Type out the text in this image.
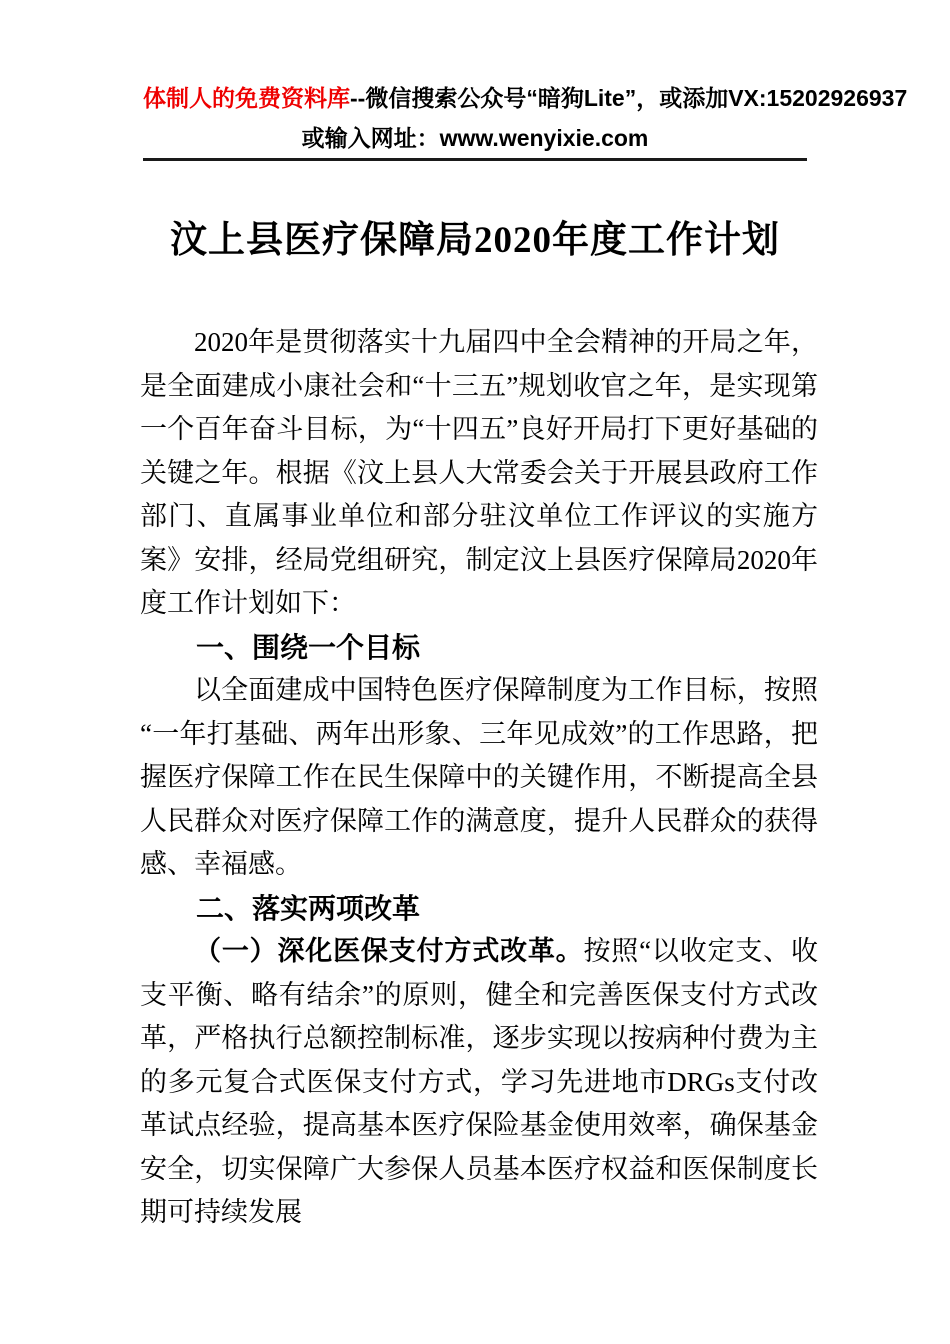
体制人的免费资料库--微信搜索公众号“暗狗Lite”，或添加VX:15202926937
或输入网址：www.wenyixie.com
汶上县医疗保障局2020年度工作计划

2020年是贯彻落实十九届四中全会精神的开局之年，是全面建成小康社会和“十三五”规划收官之年，是实现第一个百年奋斗目标，为“十四五”良好开局打下更好基础的关键之年。根据《汶上县人大常委会关于开展县政府工作部门、直属事业单位和部分驻汶单位工作评议的实施方案》安排，经局党组研究，制定汶上县医疗保障局2020年度工作计划如下：

一、围绕一个目标

以全面建成中国特色医疗保障制度为工作目标，按照“一年打基础、两年出形象、三年见成效”的工作思路，把握医疗保障工作在民生保障中的关键作用，不断提高全县人民群众对医疗保障工作的满意度，提升人民群众的获得感、幸福感。

二、落实两项改革

（一）深化医保支付方式改革。按照“以收定支、收支平衡、略有结余”的原则，健全和完善医保支付方式改革，严格执行总额控制标准，逐步实现以按病种付费为主的多元复合式医保支付方式，学习先进地市DRGs支付改革试点经验，提高基本医疗保险基金使用效率，确保基金安全，切实保障广大参保人员基本医疗权益和医保制度长期可持续发展
